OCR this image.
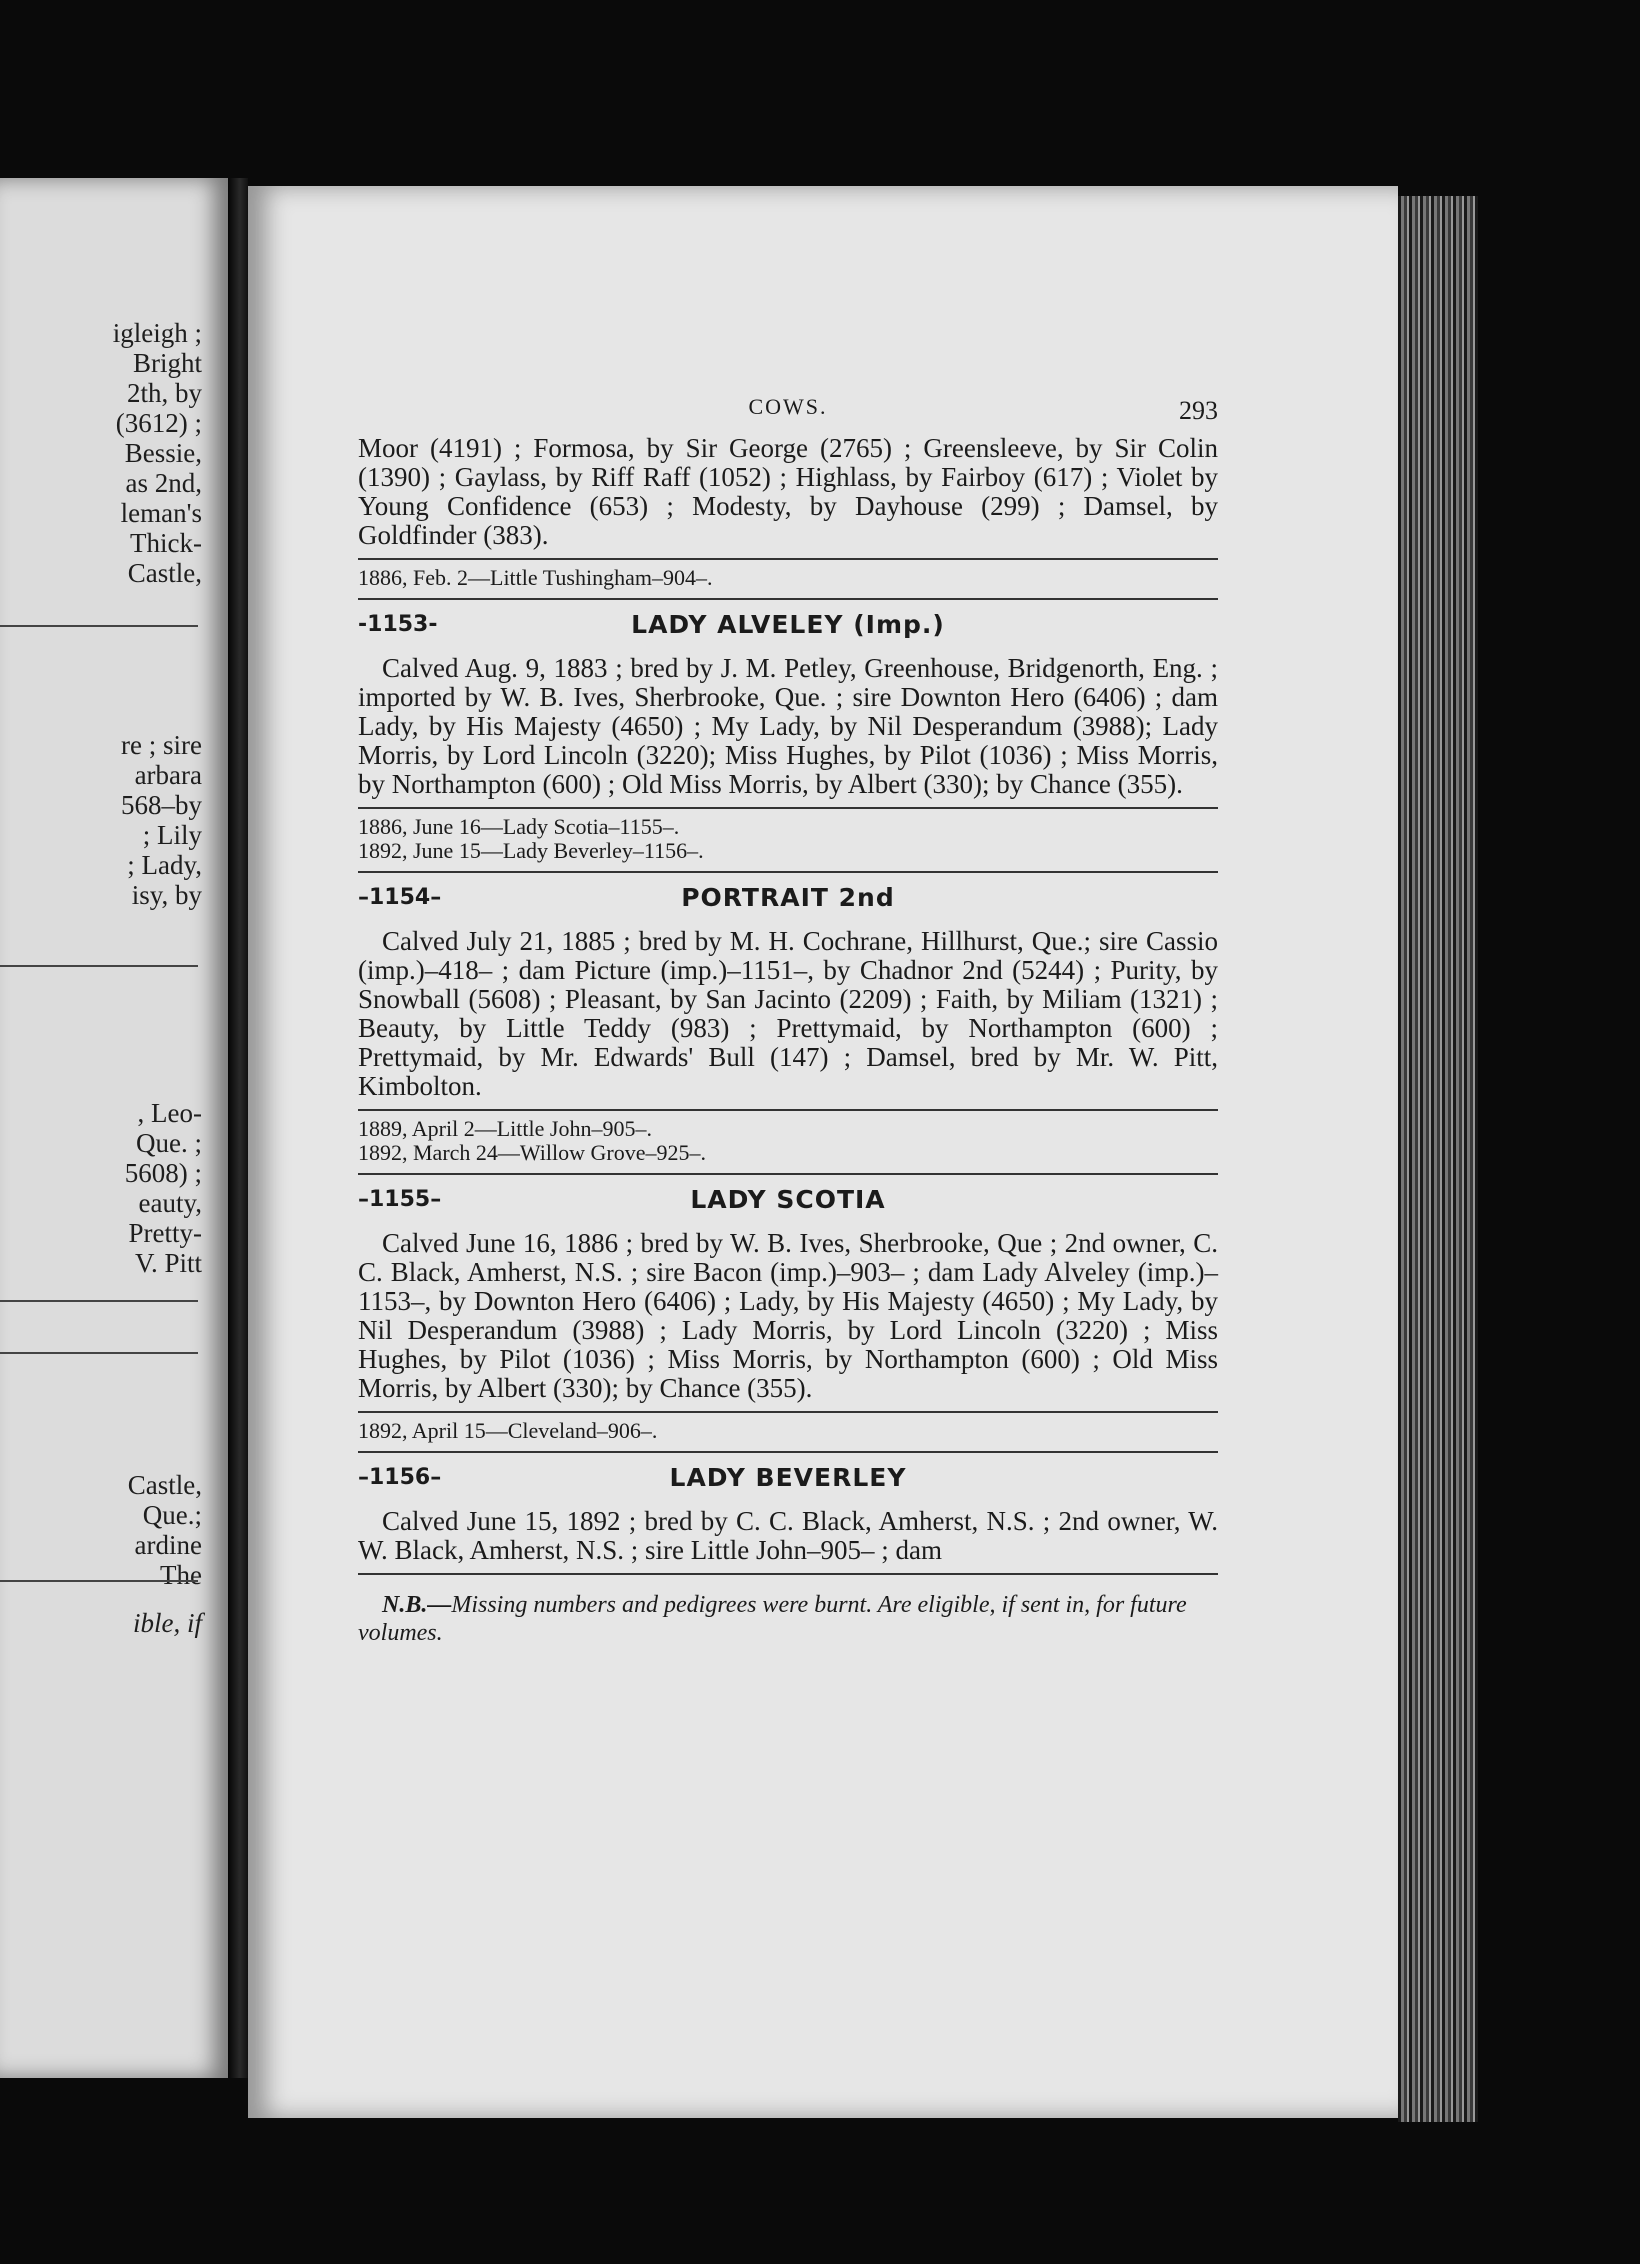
igleigh ;
Bright
2th, by
(3612) ;
Bessie,
as 2nd,
leman's
Thick-
Castle,
re ; sire
arbara
568–by
; Lily
; Lady,
isy, by
, Leo-
Que. ;
5608) ;
eauty,
Pretty-
V. Pitt
Castle,
Que.;
ardine
The
ible, if
COWS.	293

Moor (4191) ; Formosa, by Sir George (2765) ; Greensleeve, by Sir Colin (1390) ; Gaylass, by Riff Raff (1052) ; Highlass, by Fairboy (617) ; Violet by Young Confidence (653) ; Modesty, by Dayhouse (299) ; Damsel, by Goldfinder (383).

1886, Feb. 2—Little Tushingham–904–.
-1153-	LADY ALVELEY (Imp.)

Calved Aug. 9, 1883 ; bred by J. M. Petley, Greenhouse, Bridgenorth, Eng. ; imported by W. B. Ives, Sherbrooke, Que. ; sire Downton Hero (6406) ; dam Lady, by His Majesty (4650) ; My Lady, by Nil Desperandum (3988); Lady Morris, by Lord Lincoln (3220); Miss Hughes, by Pilot (1036) ; Miss Morris, by Northampton (600) ; Old Miss Morris, by Albert (330); by Chance (355).

1886, June 16—Lady Scotia–1155–.
1892, June 15—Lady Beverley–1156–.
–1154–	PORTRAIT 2nd

Calved July 21, 1885 ; bred by M. H. Cochrane, Hillhurst, Que.; sire Cassio (imp.)–418– ; dam Picture (imp.)–1151–, by Chadnor 2nd (5244) ; Purity, by Snowball (5608) ; Pleasant, by San Jacinto (2209) ; Faith, by Miliam (1321) ; Beauty, by Little Teddy (983) ; Prettymaid, by Northampton (600) ; Prettymaid, by Mr. Edwards' Bull (147) ; Damsel, bred by Mr. W. Pitt, Kimbolton.

1889, April 2—Little John–905–.
1892, March 24—Willow Grove–925–.
–1155–	LADY SCOTIA

Calved June 16, 1886 ; bred by W. B. Ives, Sherbrooke, Que ; 2nd owner, C. C. Black, Amherst, N.S. ; sire Bacon (imp.)–903– ; dam Lady Alveley (imp.)–1153–, by Downton Hero (6406) ; Lady, by His Majesty (4650) ; My Lady, by Nil Desperandum (3988) ; Lady Morris, by Lord Lincoln (3220) ; Miss Hughes, by Pilot (1036) ; Miss Morris, by Northampton (600) ; Old Miss Morris, by Albert (330); by Chance (355).

1892, April 15—Cleveland–906–.
–1156–	LADY BEVERLEY

Calved June 15, 1892 ; bred by C. C. Black, Amherst, N.S. ; 2nd owner, W. W. Black, Amherst, N.S. ; sire Little John–905– ; dam

N.B.—Missing numbers and pedigrees were burnt. Are eligible, if sent in, for future volumes.
